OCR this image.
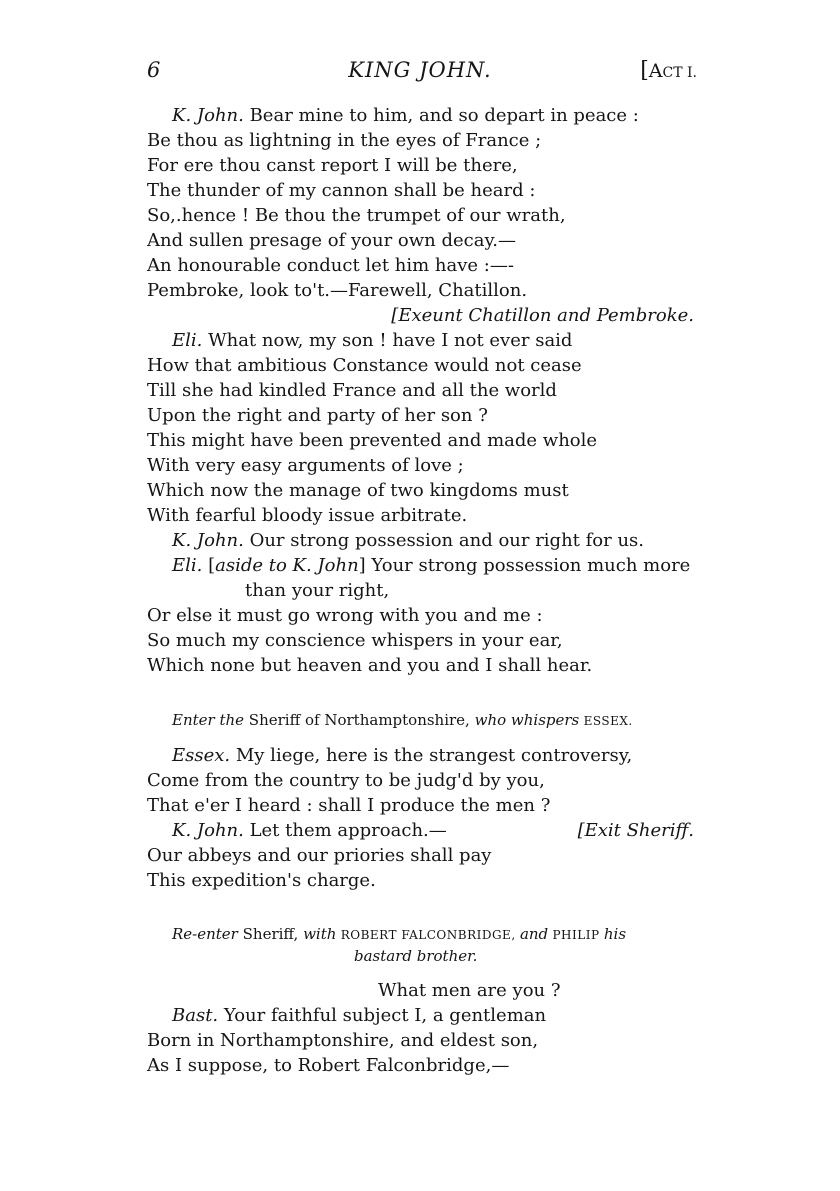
6	KING JOHN.	[ACT I.
K. John. Bear mine to him, and so depart in peace :
Be thou as lightning in the eyes of France ;
For ere thou canst report I will be there,
The thunder of my cannon shall be heard :
So,.hence ! Be thou the trumpet of our wrath,
And sullen presage of your own decay.—
An honourable conduct let him have :—-
Pembroke, look to't.—Farewell, Chatillon.
[Exeunt Chatillon and Pembroke.
Eli. What now, my son ! have I not ever said
How that ambitious Constance would not cease
Till she had kindled France and all the world
Upon the right and party of her son ?
This might have been prevented and made whole
With very easy arguments of love ;
Which now the manage of two kingdoms must
With fearful bloody issue arbitrate.
K. John. Our strong possession and our right for us.
Eli. [aside to K. John] Your strong possession much more
than your right,
Or else it must go wrong with you and me :
So much my conscience whispers in your ear,
Which none but heaven and you and I shall hear.
Enter the Sheriff of Northamptonshire, who whispers ESSEX.
Essex. My liege, here is the strangest controversy,
Come from the country to be judg'd by you,
That e'er I heard : shall I produce the men ?
K. John. Let them approach.—	[Exit Sheriff.
Our abbeys and our priories shall pay
This expedition's charge.
Re-enter Sheriff, with ROBERT FALCONBRIDGE, and PHILIP his
bastard brother.
What men are you ?
Bast. Your faithful subject I, a gentleman
Born in Northamptonshire, and eldest son,
As I suppose, to Robert Falconbridge,—
